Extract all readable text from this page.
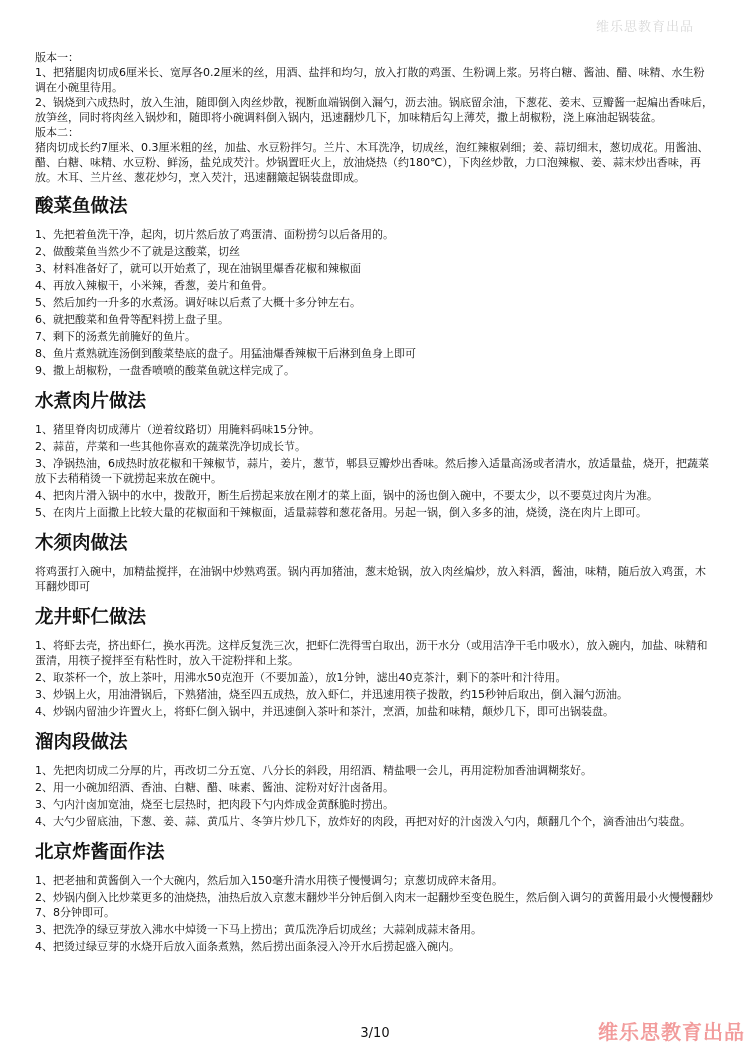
维乐思教育出品

版本一：

1、把猪腿肉切成6厘米长、宽厚各0.2厘米的丝，用酒、盐拌和均匀，放入打散的鸡蛋、生粉调上浆。另将白糖、酱油、醋、味精、水生粉调在小碗里待用。

2、锅烧到六成热时，放入生油，随即倒入肉丝炒散，视断血端锅倒入漏勺，沥去油。锅底留余油，下葱花、姜末、豆瓣酱一起煸出香味后，放笋丝，同时将肉丝入锅炒和，随即将小碗调料倒入锅内，迅速翻炒几下，加味精后勾上薄芡，撒上胡椒粉，浇上麻油起锅装盆。

版本二：

猪肉切成长约7厘米、0.3厘米粗的丝，加盐、水豆粉拌匀。兰片、木耳洗净，切成丝，泡红辣椒剁细；姜、蒜切细末，葱切成花。用酱油、醋、白糖、味精、水豆粉、鲜汤，盐兑成芡汁。炒锅置旺火上，放油烧热（约180℃），下肉丝炒散，力口泡辣椒、姜、蒜末炒出香味，再放。木耳、兰片丝、葱花炒匀，烹入芡汁，迅速翻簸起锅装盘即成。

酸菜鱼做法

1、先把着鱼洗干净，起肉，切片然后放了鸡蛋清、面粉捞匀以后备用的。

2、做酸菜鱼当然少不了就是这酸菜，切丝

3、材料准备好了，就可以开始煮了，现在油锅里爆香花椒和辣椒面

4、再放入辣椒干，小米辣，香葱，姜片和鱼骨。

5、然后加约一升多的水煮汤。调好味以后煮了大概十多分钟左右。

6、就把酸菜和鱼骨等配料捞上盘子里。

7、剩下的汤煮先前腌好的鱼片。

8、鱼片煮熟就连汤倒到酸菜垫底的盘子。用猛油爆香辣椒干后淋到鱼身上即可

9、撒上胡椒粉，一盘香喷喷的酸菜鱼就这样完成了。

水煮肉片做法

1、猪里脊肉切成薄片（逆着纹路切）用腌料码味15分钟。

2、蒜苗，芹菜和一些其他你喜欢的蔬菜洗净切成长节。

3、净锅热油，6成热时放花椒和干辣椒节，蒜片，姜片，葱节，郫县豆瓣炒出香味。然后掺入适量高汤或者清水，放适量盐，烧开，把蔬菜放下去稍稍烫一下就捞起来放在碗中。

4、把肉片滑入锅中的水中，拨散开，断生后捞起来放在刚才的菜上面，锅中的汤也倒入碗中，不要太少，以不要莫过肉片为准。

5、在肉片上面撒上比较大量的花椒面和干辣椒面，适量蒜蓉和葱花备用。另起一锅，倒入多多的油，烧烫，浇在肉片上即可。

木须肉做法

将鸡蛋打入碗中，加精盐搅拌，在油锅中炒熟鸡蛋。锅内再加猪油，葱末炝锅，放入肉丝煸炒，放入料酒，酱油，味精，随后放入鸡蛋，木耳翻炒即可

龙井虾仁做法

1、将虾去壳，挤出虾仁，换水再洗。这样反复洗三次，把虾仁洗得雪白取出，沥干水分（或用洁净干毛巾吸水），放入碗内，加盐、味精和蛋清，用筷子搅拌至有粘性时，放入干淀粉拌和上浆。

2、取茶杯一个，放上茶叶，用沸水50克泡开（不要加盖），放1分钟，滤出40克茶汁，剩下的茶叶和汁待用。

3、炒锅上火，用油滑锅后，下熟猪油，烧至四五成热，放入虾仁，并迅速用筷子拨散，约15秒钟后取出，倒入漏勺沥油。

4、炒锅内留油少许置火上，将虾仁倒入锅中，并迅速倒入茶叶和茶汁，烹酒，加盐和味精，颠炒几下，即可出锅装盘。

溜肉段做法

1、先把肉切成二分厚的片，再改切二分五宽、八分长的斜段，用绍酒、精盐喂一会儿，再用淀粉加香油调糊浆好。

2、用一小碗加绍酒、香油、白糖、醋、味素、酱油、淀粉对好汁卤备用。

3、勺内汁卤加宽油，烧至七层热时，把肉段下勺内炸成金黄酥脆时捞出。

4、大勺少留底油，下葱、姜、蒜、黄瓜片、冬笋片炒几下，放炸好的肉段，再把对好的汁卤泼入勺内，颠翻几个个，滴香油出勺装盘。

北京炸酱面作法

1、把老抽和黄酱倒入一个大碗内，然后加入150毫升清水用筷子慢慢调匀；京葱切成碎末备用。

2、炒锅内倒入比炒菜更多的油烧热，油热后放入京葱末翻炒半分钟后倒入肉末一起翻炒至变色脱生，然后倒入调匀的黄酱用最小火慢慢翻炒7、8分钟即可。

3、把洗净的绿豆芽放入沸水中焯烫一下马上捞出；黄瓜洗净后切成丝；大蒜剁成蒜末备用。

4、把烫过绿豆芽的水烧开后放入面条煮熟，然后捞出面条浸入冷开水后捞起盛入碗内。

3/10	维乐思教育出品
